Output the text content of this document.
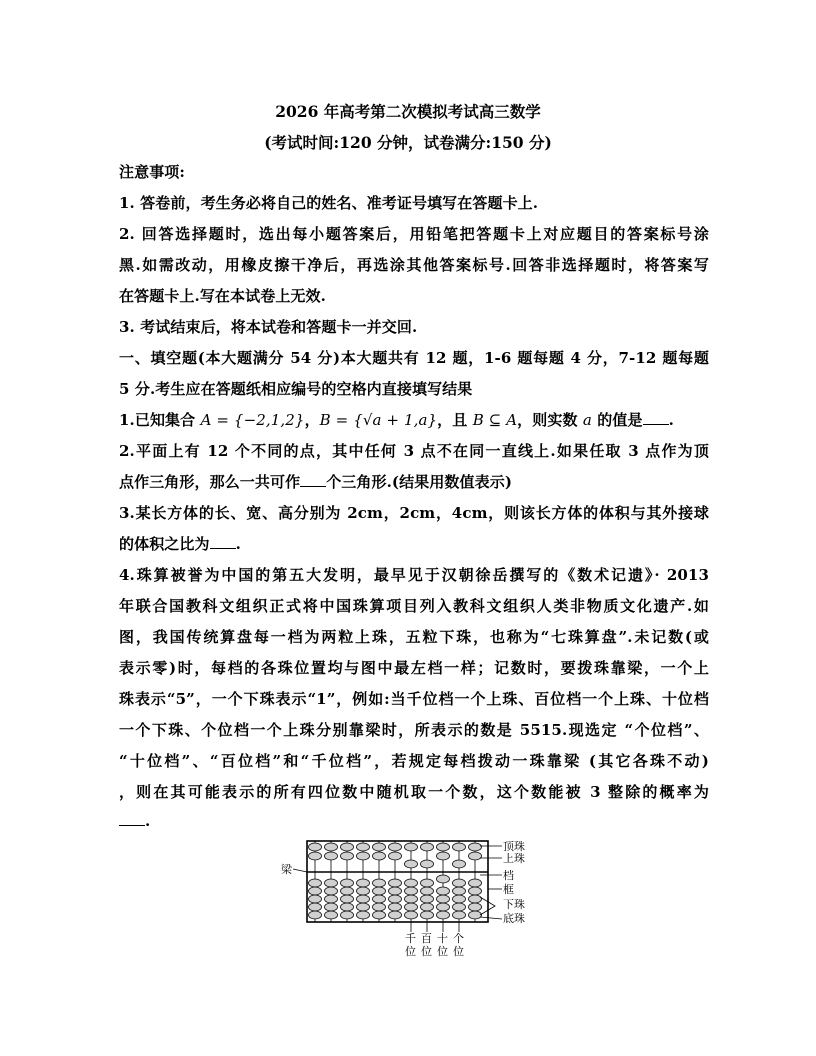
2026 年高考第二次模拟考试高三数学
(考试时间:120 分钟，试卷满分:150 分)
注意事项:
1. 答卷前，考生务必将自己的姓名、准考证号填写在答题卡上.
2. 回答选择题时，选出每小题答案后，用铅笔把答题卡上对应题目的答案标号涂
黑.如需改动，用橡皮擦干净后，再选涂其他答案标号.回答非选择题时，将答案写
在答题卡上.写在本试卷上无效.
3. 考试结束后，将本试卷和答题卡一并交回.
一、填空题(本大题满分 54 分)本大题共有 12 题，1-6 题每题 4 分，7-12 题每题
5 分.考生应在答题纸相应编号的空格内直接填写结果
1.已知集合 A = {−2,1,2}，B = {√a + 1,a}，且 B ⊆ A，则实数 a 的值是 .
2.平面上有 12 个不同的点，其中任何 3 点不在同一直线上.如果任取 3 点作为顶
点作三角形，那么一共可作 个三角形.(结果用数值表示)
3.某长方体的长、宽、高分别为 2cm，2cm，4cm，则该长方体的体积与其外接球
的体积之比为 .
4.珠算被誉为中国的第五大发明，最早见于汉朝徐岳撰写的《数术记遗》· 2013
年联合国教科文组织正式将中国珠算项目列入教科文组织人类非物质文化遗产.如
图，我国传统算盘每一档为两粒上珠，五粒下珠，也称为“七珠算盘”.未记数(或
表示零)时，每档的各珠位置均与图中最左档一样；记数时，要拨珠靠梁，一个上
珠表示“5”，一个下珠表示“1”，例如:当千位档一个上珠、百位档一个上珠、十位档
一个下珠、个位档一个上珠分别靠梁时，所表示的数是 5515.现选定 “个位档”、
“十位档”、“百位档”和“千位档”，若规定每档拨动一珠靠梁 (其它各珠不动)
，则在其可能表示的所有四位数中随机取一个数，这个数能被 3 整除的概率为
.
梁
顶珠
上珠
档
框
下珠
底珠
千
位
百
位
十
位
个
位
